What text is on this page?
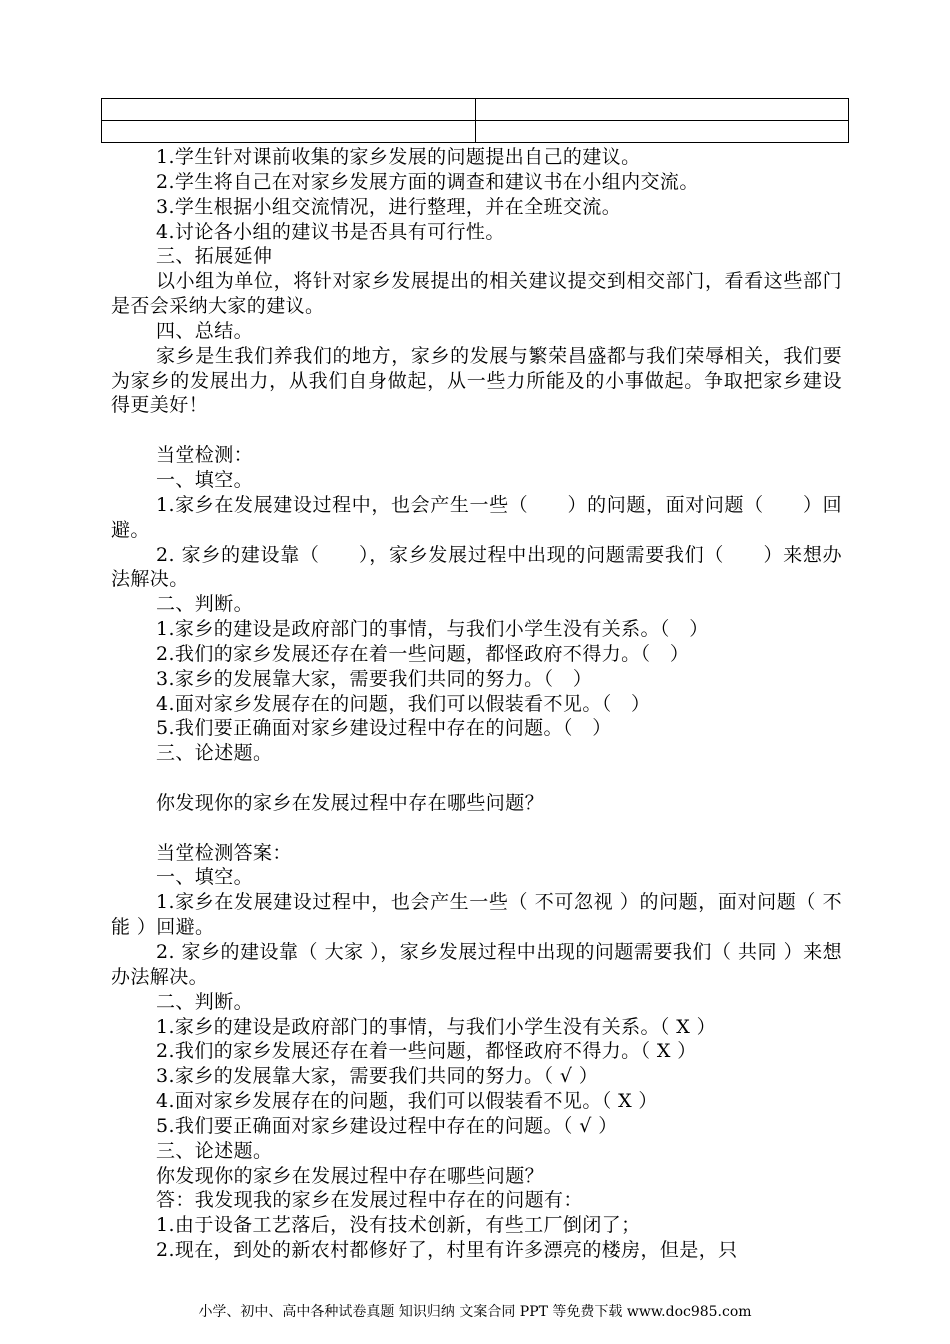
1.学生针对课前收集的家乡发展的问题提出自己的建议。

2.学生将自己在对家乡发展方面的调查和建议书在小组内交流。

3.学生根据小组交流情况，进行整理，并在全班交流。

4.讨论各小组的建议书是否具有可行性。

三、拓展延伸

以小组为单位，将针对家乡发展提出的相关建议提交到相交部门，看看这些部门是否会采纳大家的建议。

四、总结。

家乡是生我们养我们的地方，家乡的发展与繁荣昌盛都与我们荣辱相关，我们要为家乡的发展出力，从我们自身做起，从一些力所能及的小事做起。争取把家乡建设得更美好！

当堂检测：

一、填空。

1.家乡在发展建设过程中，也会产生一些（　　）的问题，面对问题（　　）回避。

2. 家乡的建设靠（　　），家乡发展过程中出现的问题需要我们（　　）来想办法解决。

二、判断。

1.家乡的建设是政府部门的事情，与我们小学生没有关系。（　）

2.我们的家乡发展还存在着一些问题，都怪政府不得力。（　）

3.家乡的发展靠大家，需要我们共同的努力。（　）

4.面对家乡发展存在的问题，我们可以假装看不见。（　）

5.我们要正确面对家乡建设过程中存在的问题。（　）

三、论述题。

你发现你的家乡在发展过程中存在哪些问题？

当堂检测答案：

一、填空。

1.家乡在发展建设过程中，也会产生一些（ 不可忽视 ）的问题，面对问题（ 不能 ）回避。

2. 家乡的建设靠（ 大家 ），家乡发展过程中出现的问题需要我们（ 共同 ）来想办法解决。

二、判断。

1.家乡的建设是政府部门的事情，与我们小学生没有关系。（ X ）

2.我们的家乡发展还存在着一些问题，都怪政府不得力。（ X ）

3.家乡的发展靠大家，需要我们共同的努力。（ √ ）

4.面对家乡发展存在的问题，我们可以假装看不见。（ X ）

5.我们要正确面对家乡建设过程中存在的问题。（ √ ）

三、论述题。

你发现你的家乡在发展过程中存在哪些问题？

答：我发现我的家乡在发展过程中存在的问题有：

1.由于设备工艺落后，没有技术创新，有些工厂倒闭了；

2.现在，到处的新农村都修好了，村里有许多漂亮的楼房，但是，只

小学、初中、高中各种试卷真题 知识归纳 文案合同 PPT 等免费下载 www.doc985.com
